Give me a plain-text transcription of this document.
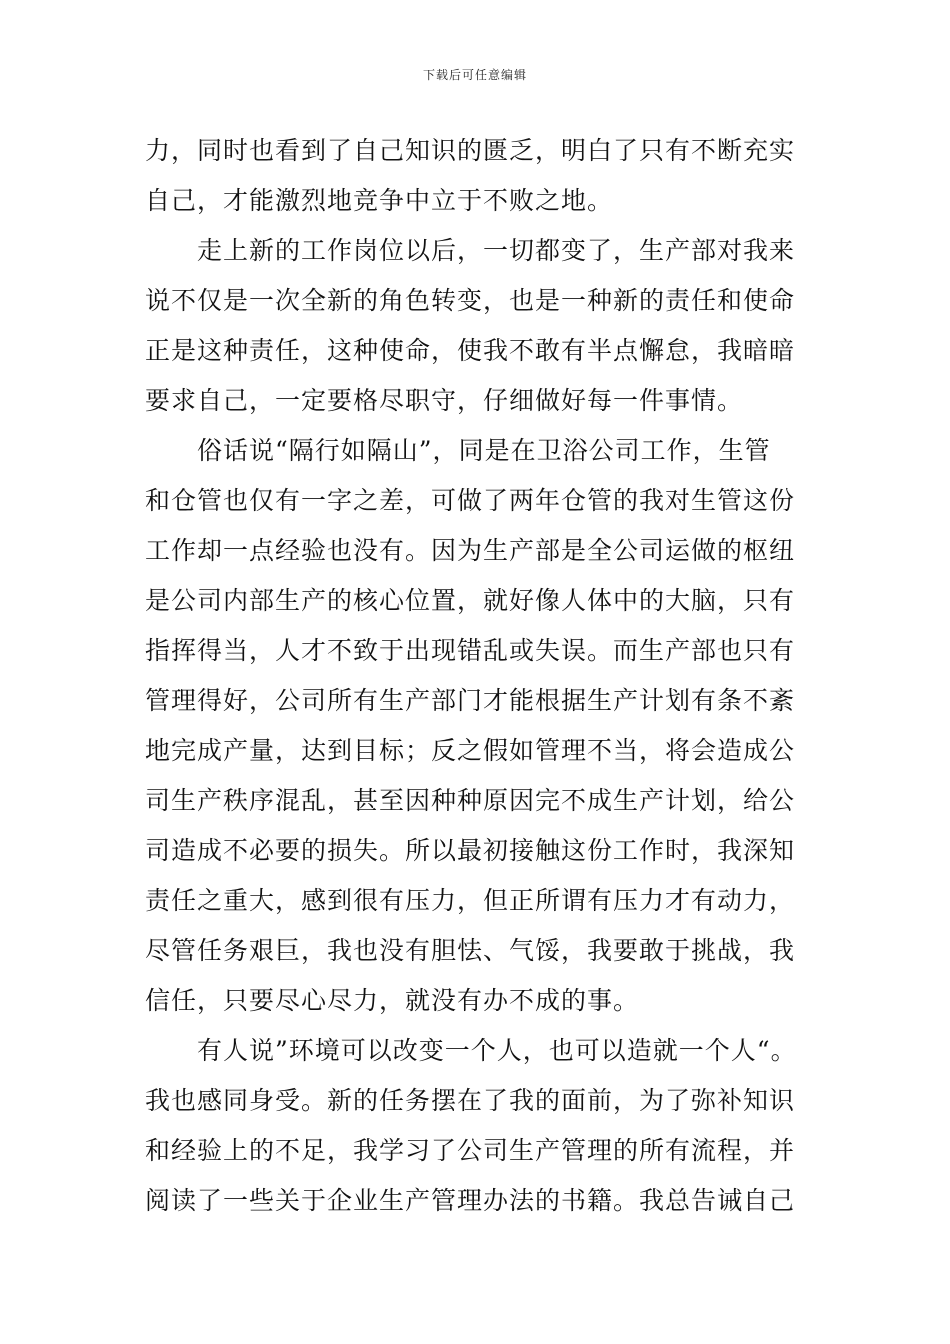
下载后可任意编辑
力，同时也看到了自己知识的匮乏，明白了只有不断充实
自己，才能激烈地竞争中立于不败之地。
　　走上新的工作岗位以后，一切都变了，生产部对我来
说不仅是一次全新的角色转变，也是一种新的责任和使命
正是这种责任，这种使命，使我不敢有半点懈怠，我暗暗
要求自己，一定要格尽职守，仔细做好每一件事情。
　　俗话说“隔行如隔山”，同是在卫浴公司工作，生管
和仓管也仅有一字之差，可做了两年仓管的我对生管这份
工作却一点经验也没有。因为生产部是全公司运做的枢纽
是公司内部生产的核心位置，就好像人体中的大脑，只有
指挥得当，人才不致于出现错乱或失误。而生产部也只有
管理得好，公司所有生产部门才能根据生产计划有条不紊
地完成产量，达到目标；反之假如管理不当，将会造成公
司生产秩序混乱，甚至因种种原因完不成生产计划，给公
司造成不必要的损失。所以最初接触这份工作时，我深知
责任之重大，感到很有压力，但正所谓有压力才有动力，
尽管任务艰巨，我也没有胆怯、气馁，我要敢于挑战，我
信任，只要尽心尽力，就没有办不成的事。
　　有人说”环境可以改变一个人，也可以造就一个人“。
我也感同身受。新的任务摆在了我的面前，为了弥补知识
和经验上的不足，我学习了公司生产管理的所有流程，并
阅读了一些关于企业生产管理办法的书籍。我总告诫自己
